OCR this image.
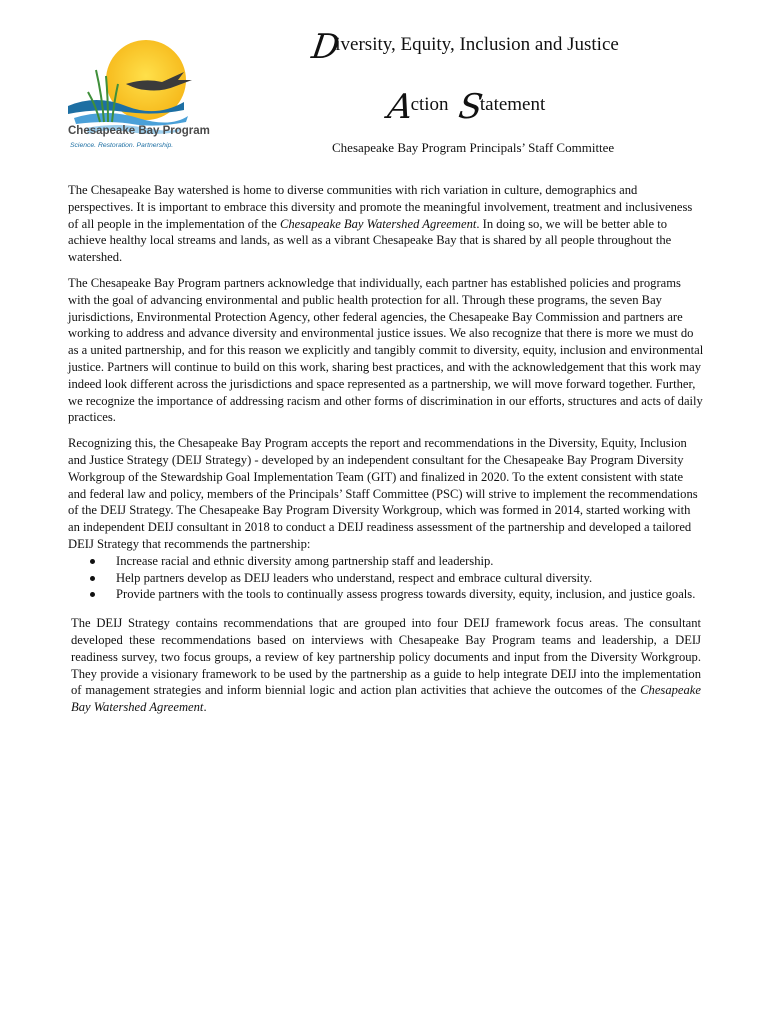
Chesapeake Bay Program
Science. Restoration. Partnership.
Diversity, Equity, Inclusion and Justice
Action Statement
Chesapeake Bay Program Principals’ Staff Committee

The Chesapeake Bay watershed is home to diverse communities with rich variation in culture, demographics and perspectives. It is important to embrace this diversity and promote the meaningful involvement, treatment and inclusiveness of all people in the implementation of the Chesapeake Bay Watershed Agreement. In doing so, we will be better able to achieve healthy local streams and lands, as well as a vibrant Chesapeake Bay that is shared by all people throughout the watershed.

The Chesapeake Bay Program partners acknowledge that individually, each partner has established policies and programs with the goal of advancing environmental and public health protection for all. Through these programs, the seven Bay jurisdictions, Environmental Protection Agency, other federal agencies, the Chesapeake Bay Commission and partners are working to address and advance diversity and environmental justice issues. We also recognize that there is more we must do as a united partnership, and for this reason we explicitly and tangibly commit to diversity, equity, inclusion and environmental justice. Partners will continue to build on this work, sharing best practices, and with the acknowledgement that this work may indeed look different across the jurisdictions and space represented as a partnership, we will move forward together. Further, we recognize the importance of addressing racism and other forms of discrimination in our efforts, structures and acts of daily practices.

Recognizing this, the Chesapeake Bay Program accepts the report and recommendations in the Diversity, Equity, Inclusion and Justice Strategy (DEIJ Strategy) - developed by an independent consultant for the Chesapeake Bay Program Diversity Workgroup of the Stewardship Goal Implementation Team (GIT) and finalized in 2020. To the extent consistent with state and federal law and policy, members of the Principals’ Staff Committee (PSC) will strive to implement the recommendations of the DEIJ Strategy. The Chesapeake Bay Program Diversity Workgroup, which was formed in 2014, started working with an independent DEIJ consultant in 2018 to conduct a DEIJ readiness assessment of the partnership and developed a tailored DEIJ Strategy that recommends the partnership:

Increase racial and ethnic diversity among partnership staff and leadership.
Help partners develop as DEIJ leaders who understand, respect and embrace cultural diversity.
Provide partners with the tools to continually assess progress towards diversity, equity, inclusion, and justice goals.

The DEIJ Strategy contains recommendations that are grouped into four DEIJ framework focus areas. The consultant developed these recommendations based on interviews with Chesapeake Bay Program teams and leadership, a DEIJ readiness survey, two focus groups, a review of key partnership policy documents and input from the Diversity Workgroup. They provide a visionary framework to be used by the partnership as a guide to help integrate DEIJ into the implementation of management strategies and inform biennial logic and action plan activities that achieve the outcomes of the Chesapeake Bay Watershed Agreement.
